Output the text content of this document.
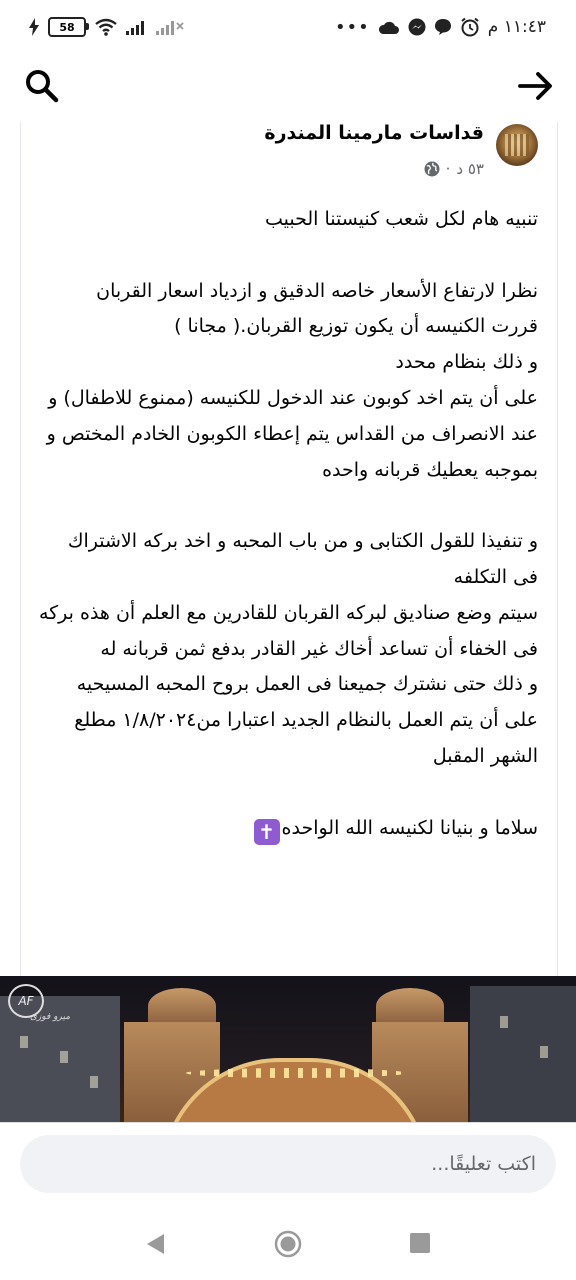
58	•••	١١:٤٣ م
قداسات مارمينا المندرة
٥٣ د
·
تنبيه هام لكل شعب كنيستنا الحبيب

نظرا لارتفاع الأسعار خاصه الدقيق و ازدياد اسعار القربان
قررت الكنيسه أن يكون توزيع القربان.( مجانا )
و ذلك بنظام محدد
على أن يتم اخد كوبون عند الدخول للكنيسه (ممنوع للاطفال) و عند الانصراف من القداس يتم إعطاء الكوبون الخادم المختص و بموجبه يعطيك قربانه واحده

و تنفيذا للقول الكتابى و من باب المحبه و اخد بركه الاشتراك فى التكلفه
سيتم وضع صناديق لبركه القربان للقادرين مع العلم أن هذه بركه فى الخفاء أن تساعد أخاك غير القادر بدفع ثمن قربانه له
و ذلك حتى نشترك جميعنا فى العمل بروح المحبه المسيحيه
على أن يتم العمل بالنظام الجديد اعتبارا من١/٨/٢٠٢٤ مطلع الشهر المقبل

سلاما و بنيانا لكنيسه الله الواحده✝
AF
ميرو فوزى
اكتب تعليقًا...
